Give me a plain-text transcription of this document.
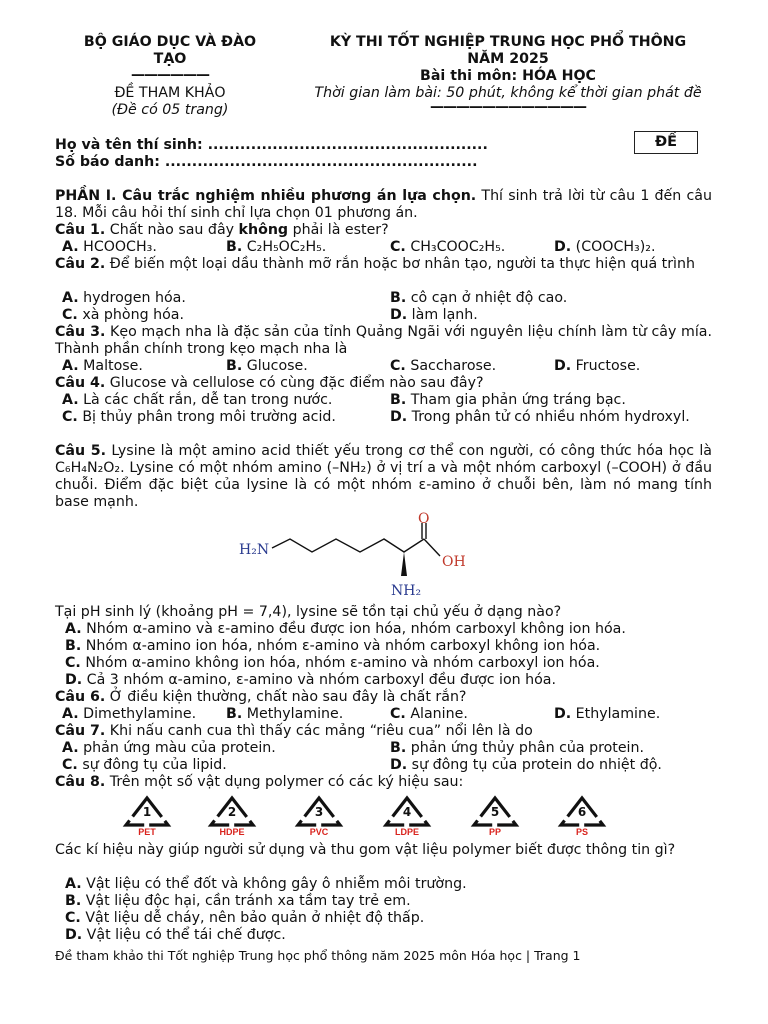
BỘ GIÁO DỤC VÀ ĐÀO
TẠO
——————
ĐỀ THAM KHẢO
(Đề có 05 trang)
KỲ THI TỐT NGHIỆP TRUNG HỌC PHỔ THÔNG
NĂM 2025
Bài thi môn: HÓA HỌC
Thời gian làm bài: 50 phút, không kể thời gian phát đề
————————————
Họ và tên thí sinh: ....................................................
Số báo danh: ..........................................................
ĐỀ
PHẦN I. Câu trắc nghiệm nhiều phương án lựa chọn. Thí sinh trả lời từ câu 1 đến câu 18. Mỗi câu hỏi thí sinh chỉ lựa chọn 01 phương án.
Câu 1. Chất nào sau đây không phải là ester?
A. HCOOCH₃.	B. C₂H₅OC₂H₅.	C. CH₃COOC₂H₅.	D. (COOCH₃)₂.
Câu 2. Để biến một loại dầu thành mỡ rắn hoặc bơ nhân tạo, người ta thực hiện quá trình
A. hydrogen hóa.	B. cô cạn ở nhiệt độ cao.
C. xà phòng hóa.	D. làm lạnh.
Câu 3. Kẹo mạch nha là đặc sản của tỉnh Quảng Ngãi với nguyên liệu chính làm từ cây mía. Thành phần chính trong kẹo mạch nha là
A. Maltose.	B. Glucose.	C. Saccharose.	D. Fructose.
Câu 4. Glucose và cellulose có cùng đặc điểm nào sau đây?
A. Là các chất rắn, dễ tan trong nước.	B. Tham gia phản ứng tráng bạc.
C. Bị thủy phân trong môi trường acid.	D. Trong phân tử có nhiều nhóm hydroxyl.
Câu 5. Lysine là một amino acid thiết yếu trong cơ thể con người, có công thức hóa học là C₆H₄N₂O₂. Lysine có một nhóm amino (–NH₂) ở vị trí a và một nhóm carboxyl (–COOH) ở đầu chuỗi. Điểm đặc biệt của lysine là có một nhóm ε-amino ở chuỗi bên, làm nó mang tính base mạnh.
H₂N
O
OH
NH₂
Tại pH sinh lý (khoảng pH = 7,4), lysine sẽ tồn tại chủ yếu ở dạng nào?
A. Nhóm α-amino và ε-amino đều được ion hóa, nhóm carboxyl không ion hóa.
B. Nhóm α-amino ion hóa, nhóm ε-amino và nhóm carboxyl không ion hóa.
C. Nhóm α-amino không ion hóa, nhóm ε-amino và nhóm carboxyl ion hóa.
D. Cả 3 nhóm α-amino, ε-amino và nhóm carboxyl đều được ion hóa.
Câu 6. Ở điều kiện thường, chất nào sau đây là chất rắn?
A. Dimethylamine. B. Methylamine.	C. Alanine.	D. Ethylamine.
Câu 7. Khi nấu canh cua thì thấy các mảng “riêu cua” nổi lên là do
A. phản ứng màu của protein.	B. phản ứng thủy phân của protein.
C. sự đông tụ của lipid.	D. sự đông tụ của protein do nhiệt độ.
Câu 8. Trên một số vật dụng polymer có các ký hiệu sau:
1
PET
2
HDPE
3
PVC
4
LDPE
5
PP
6
PS
Các kí hiệu này giúp người sử dụng và thu gom vật liệu polymer biết được thông tin gì?
A. Vật liệu có thể đốt và không gây ô nhiễm môi trường.
B. Vật liệu độc hại, cần tránh xa tầm tay trẻ em.
C. Vật liệu dễ cháy, nên bảo quản ở nhiệt độ thấp.
D. Vật liệu có thể tái chế được.
Đề tham khảo thi Tốt nghiệp Trung học phổ thông năm 2025 môn Hóa học | Trang 1
